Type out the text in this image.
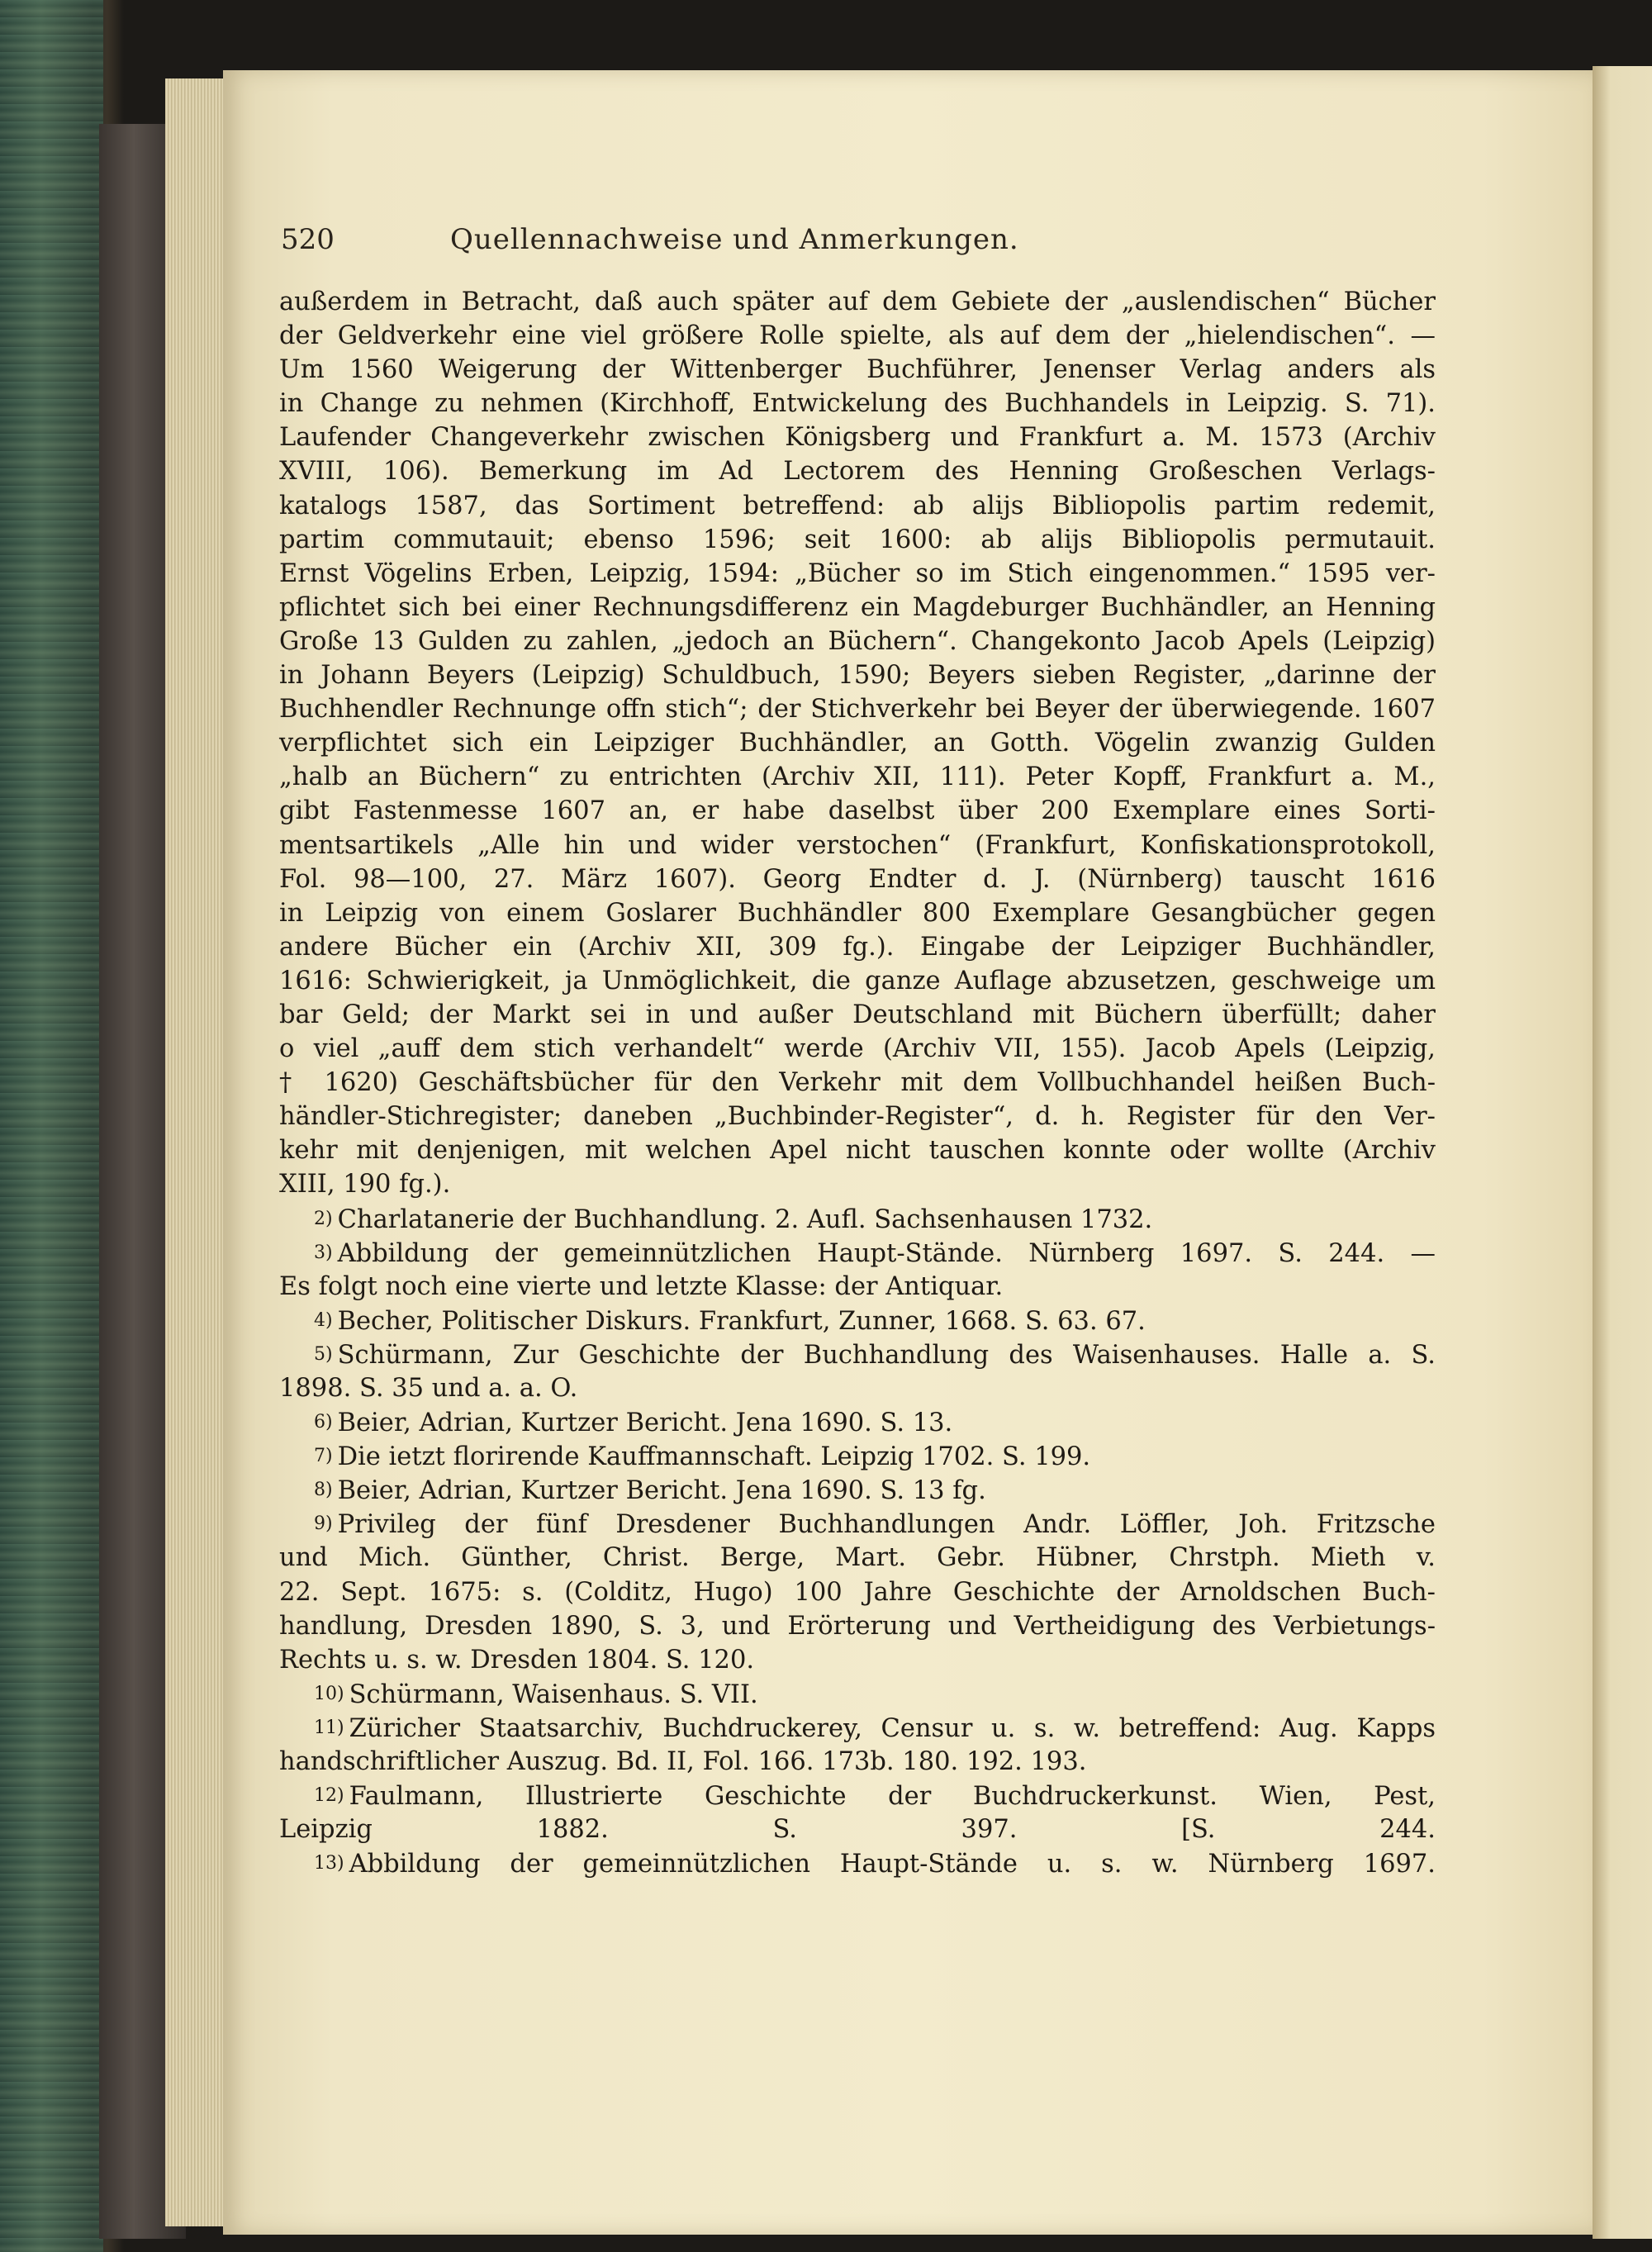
520	Quellennachweise und Anmerkungen.
außerdem in Betracht, daß auch später auf dem Gebiete der „auslendischen“ Bücher
der Geldverkehr eine viel größere Rolle spielte, als auf dem der „hielendischen“. —
Um 1560 Weigerung der Wittenberger Buchführer, Jenenser Verlag anders als
in Change zu nehmen (Kirchhoff, Entwickelung des Buchhandels in Leipzig. S. 71).
Laufender Changeverkehr zwischen Königsberg und Frankfurt a. M. 1573 (Archiv
XVIII, 106). Bemerkung im Ad Lectorem des Henning Großeschen Verlags-
katalogs 1587, das Sortiment betreffend: ab alijs Bibliopolis partim redemit,
partim commutauit; ebenso 1596; seit 1600: ab alijs Bibliopolis permutauit.
Ernst Vögelins Erben, Leipzig, 1594: „Bücher so im Stich eingenommen.“ 1595 ver-
pflichtet sich bei einer Rechnungsdifferenz ein Magdeburger Buchhändler, an Henning
Große 13 Gulden zu zahlen, „jedoch an Büchern“. Changekonto Jacob Apels (Leipzig)
in Johann Beyers (Leipzig) Schuldbuch, 1590; Beyers sieben Register, „darinne der
Buchhendler Rechnunge offn stich“; der Stichverkehr bei Beyer der überwiegende. 1607
verpflichtet sich ein Leipziger Buchhändler, an Gotth. Vögelin zwanzig Gulden
„halb an Büchern“ zu entrichten (Archiv XII, 111). Peter Kopff, Frankfurt a. M.,
gibt Fastenmesse 1607 an, er habe daselbst über 200 Exemplare eines Sorti-
mentsartikels „Alle hin und wider verstochen“ (Frankfurt, Konfiskationsprotokoll,
Fol. 98—100, 27. März 1607). Georg Endter d. J. (Nürnberg) tauscht 1616
in Leipzig von einem Goslarer Buchhändler 800 Exemplare Gesangbücher gegen
andere Bücher ein (Archiv XII, 309 fg.). Eingabe der Leipziger Buchhändler,
1616: Schwierigkeit, ja Unmöglichkeit, die ganze Auflage abzusetzen, geschweige um
bar Geld; der Markt sei in und außer Deutschland mit Büchern überfüllt; daher
o viel „auff dem stich verhandelt“ werde (Archiv VII, 155). Jacob Apels (Leipzig,
† 1620) Geschäftsbücher für den Verkehr mit dem Vollbuchhandel heißen Buch-
händler-Stichregister; daneben „Buchbinder-Register“, d. h. Register für den Ver-
kehr mit denjenigen, mit welchen Apel nicht tauschen konnte oder wollte (Archiv
XIII, 190 fg.).
2) Charlatanerie der Buchhandlung. 2. Aufl. Sachsenhausen 1732.
3) Abbildung der gemeinnützlichen Haupt-Stände. Nürnberg 1697. S. 244. —
Es folgt noch eine vierte und letzte Klasse: der Antiquar.
4) Becher, Politischer Diskurs. Frankfurt, Zunner, 1668. S. 63. 67.
5) Schürmann, Zur Geschichte der Buchhandlung des Waisenhauses. Halle a. S.
1898. S. 35 und a. a. O.
6) Beier, Adrian, Kurtzer Bericht. Jena 1690. S. 13.
7) Die ietzt florirende Kauffmannschaft. Leipzig 1702. S. 199.
8) Beier, Adrian, Kurtzer Bericht. Jena 1690. S. 13 fg.
9) Privileg der fünf Dresdener Buchhandlungen Andr. Löffler, Joh. Fritzsche
und Mich. Günther, Christ. Berge, Mart. Gebr. Hübner, Chrstph. Mieth v.
22. Sept. 1675: s. (Colditz, Hugo) 100 Jahre Geschichte der Arnoldschen Buch-
handlung, Dresden 1890, S. 3, und Erörterung und Vertheidigung des Verbietungs-
Rechts u. s. w. Dresden 1804. S. 120.
10) Schürmann, Waisenhaus. S. VII.
11) Züricher Staatsarchiv, Buchdruckerey, Censur u. s. w. betreffend: Aug. Kapps
handschriftlicher Auszug. Bd. II, Fol. 166. 173b. 180. 192. 193.
12) Faulmann, Illustrierte Geschichte der Buchdruckerkunst. Wien, Pest,
Leipzig 1882. S. 397. [S. 244.
13) Abbildung der gemeinnützlichen Haupt-Stände u. s. w. Nürnberg 1697.
